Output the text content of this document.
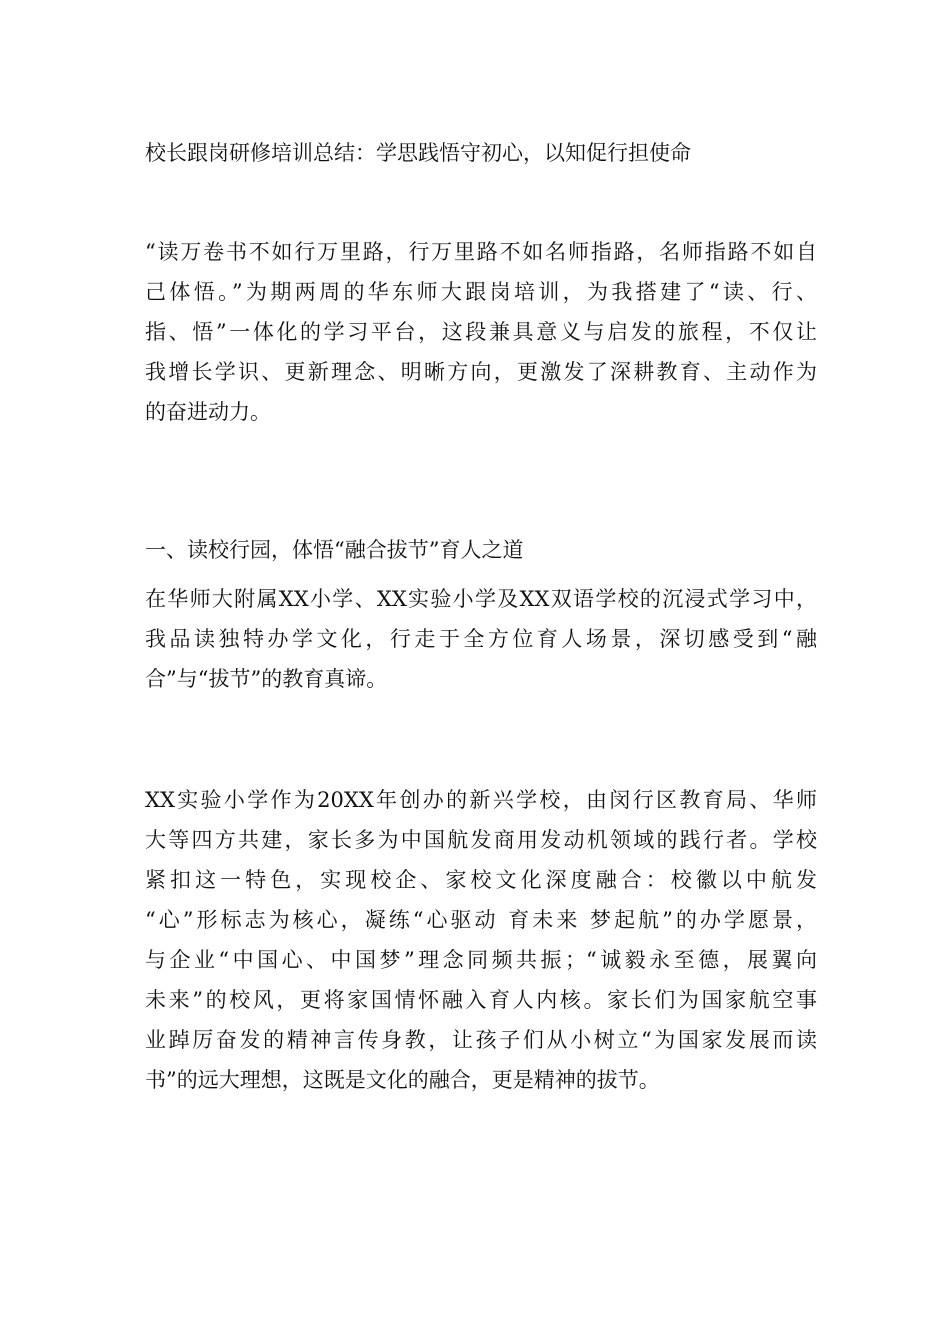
校长跟岗研修培训总结：学思践悟守初心，以知促行担使命

“读万卷书不如行万里路，行万里路不如名师指路，名师指路不如自
己体悟。”为期两周的华东师大跟岗培训，为我搭建了“读、行、
指、悟”一体化的学习平台，这段兼具意义与启发的旅程，不仅让
我增长学识、更新理念、明晰方向，更激发了深耕教育、主动作为
的奋进动力。

一、读校行园，体悟“融合拔节”育人之道

在华师大附属XX小学、XX实验小学及XX双语学校的沉浸式学习中，
我品读独特办学文化，行走于全方位育人场景，深切感受到“融
合”与“拔节”的教育真谛。

XX实验小学作为20XX年创办的新兴学校，由闵行区教育局、华师
大等四方共建，家长多为中国航发商用发动机领域的践行者。学校
紧扣这一特色，实现校企、家校文化深度融合：校徽以中航发
“心”形标志为核心，凝练“心驱动 育未来 梦起航”的办学愿景，
与企业“中国心、中国梦”理念同频共振；“诚毅永至德，展翼向
未来”的校风，更将家国情怀融入育人内核。家长们为国家航空事
业踔厉奋发的精神言传身教，让孩子们从小树立“为国家发展而读
书”的远大理想，这既是文化的融合，更是精神的拔节。
